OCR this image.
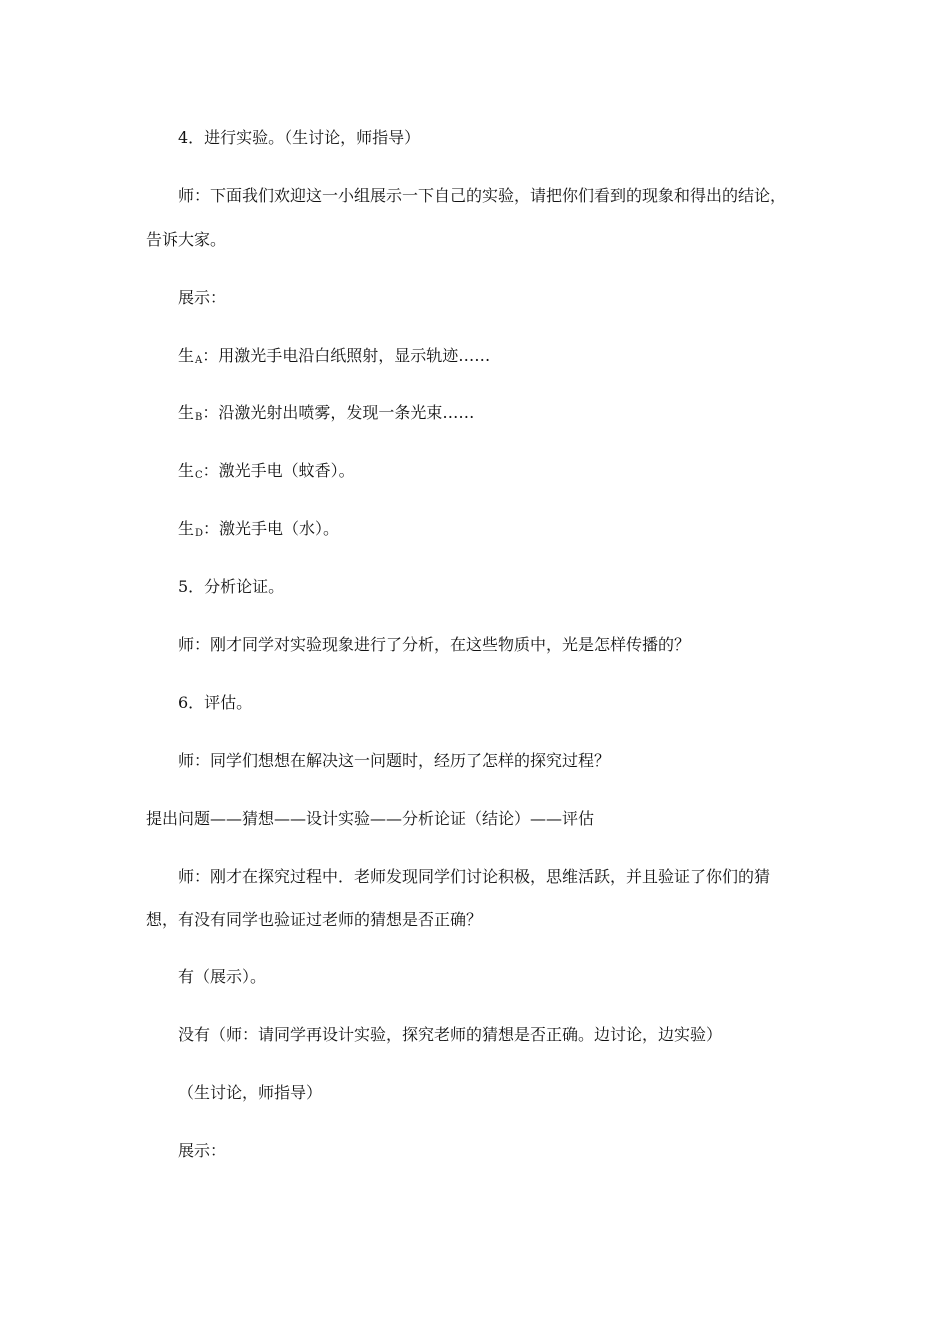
4．进行实验。（生讨论，师指导）
师：下面我们欢迎这一小组展示一下自己的实验，请把你们看到的现象和得出的结论，
告诉大家。
展示：
生$_A$：用激光手电沿白纸照射，显示轨迹……
生$_B$：沿激光射出喷雾，发现一条光束……
生$_C$：激光手电（蚊香）。
生$_D$：激光手电（水）。
5．分析论证。
师：刚才同学对实验现象进行了分析，在这些物质中，光是怎样传播的？
6．评估。
师：同学们想想在解决这一问题时，经历了怎样的探究过程？
提出问题——猜想——设计实验——分析论证（结论）——评估
师：刚才在探究过程中．老师发现同学们讨论积极，思维活跃，并且验证了你们的猜
想，有没有同学也验证过老师的猜想是否正确？
有（展示）。
没有（师：请同学再设计实验，探究老师的猜想是否正确。边讨论，边实验）
（生讨论，师指导）
展示：
